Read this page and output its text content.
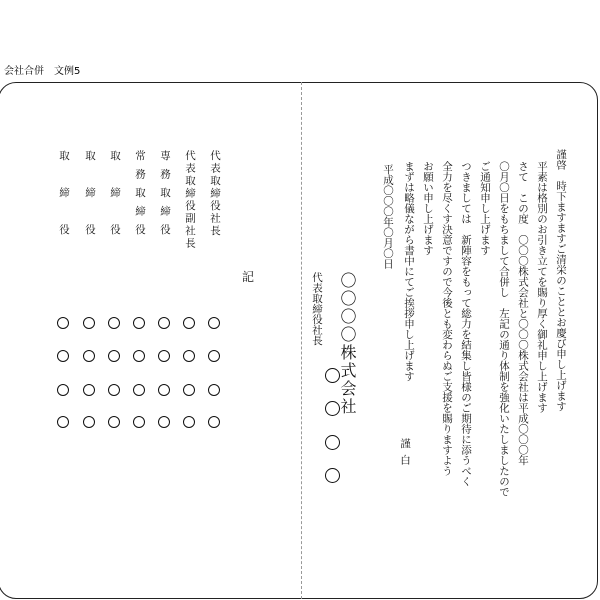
会社合併　文例5
謹啓　時下ますますご清栄のこととお慶び申し上げます
平素は格別のお引き立てを賜り厚く御礼申し上げます
さて　この度　〇〇〇株式会社と〇〇〇株式会社は平成〇〇〇年
〇月〇日をもちまして合併し　左記の通り体制を強化いたしましたので
ご通知申し上げます
つきましては　新陣容をもって総力を結集し皆様のご期待に添うべく
全力を尽くす決意ですので今後とも変わらぬご支援を賜りますよう
お願い申し上げます
まずは略儀ながら書中にてご挨拶申し上げます
謹白
平成〇〇〇年〇月〇日
〇〇〇〇株式会社
代表取締役社長
記
代表取締役社長
代表取締役副社長
専務取締役
常務取締役
取　締　役
取　締　役
取　締　役
